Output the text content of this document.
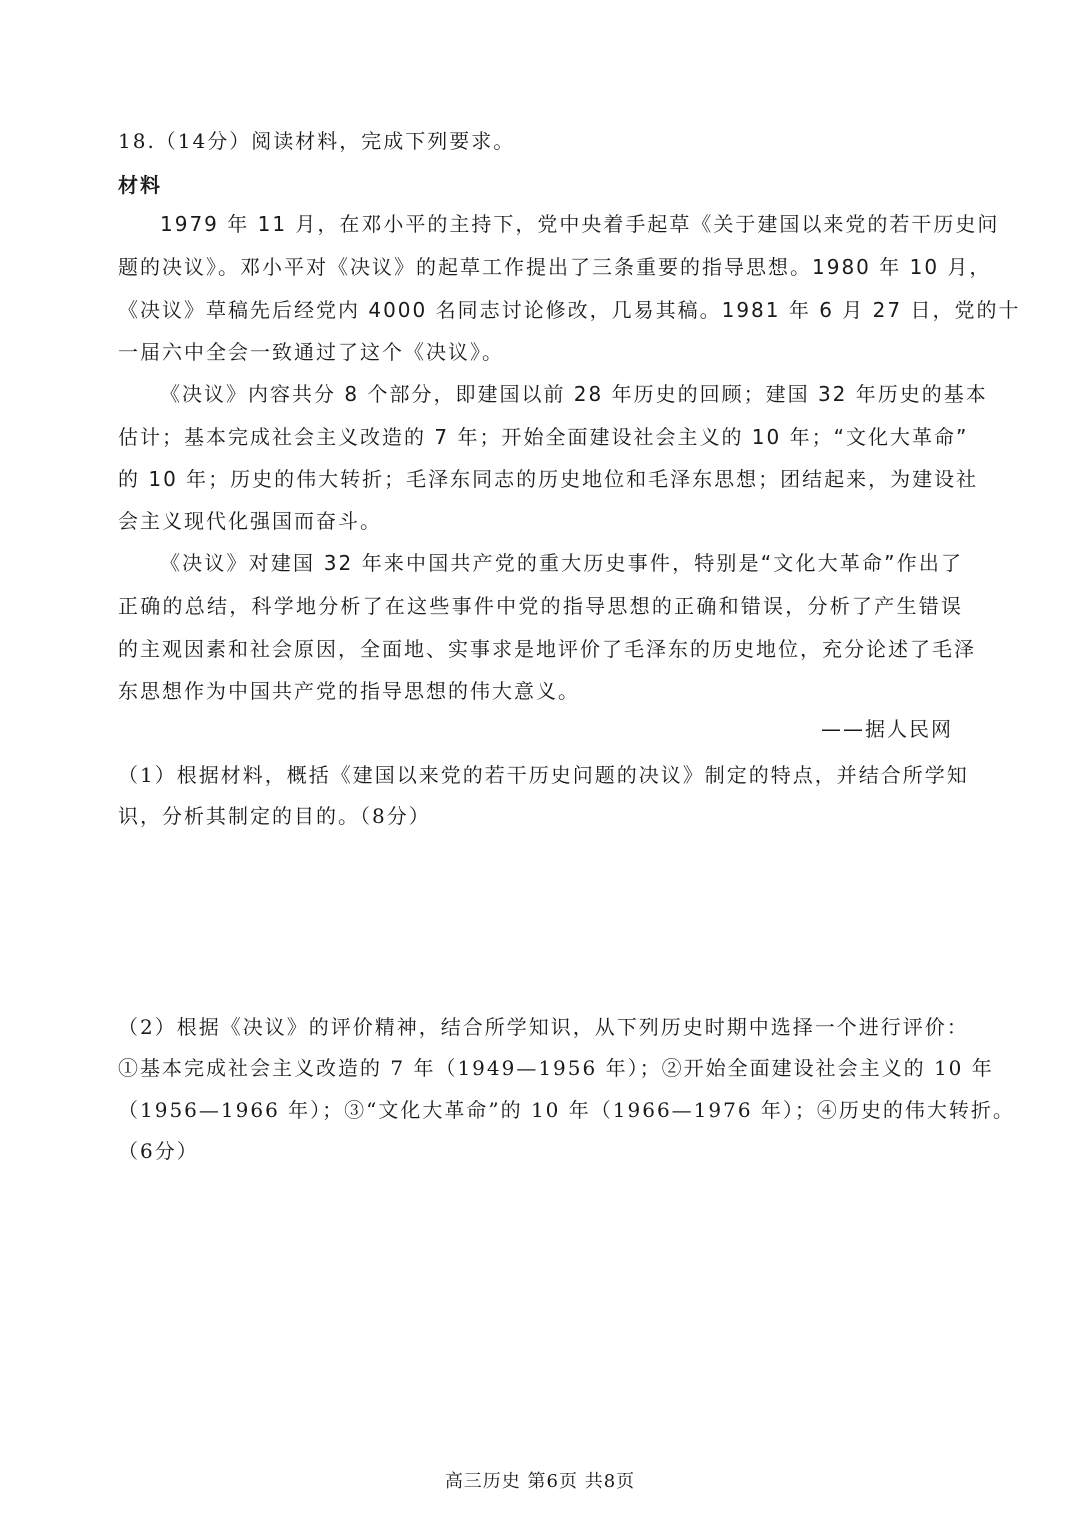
18.（14分）阅读材料，完成下列要求。
材料
1979 年 11 月，在邓小平的主持下，党中央着手起草《关于建国以来党的若干历史问
题的决议》。邓小平对《决议》的起草工作提出了三条重要的指导思想。1980 年 10 月，
《决议》草稿先后经党内 4000 名同志讨论修改，几易其稿。1981 年 6 月 27 日，党的十
一届六中全会一致通过了这个《决议》。
《决议》内容共分 8 个部分，即建国以前 28 年历史的回顾；建国 32 年历史的基本
估计；基本完成社会主义改造的 7 年；开始全面建设社会主义的 10 年；“文化大革命”
的 10 年；历史的伟大转折；毛泽东同志的历史地位和毛泽东思想；团结起来，为建设社
会主义现代化强国而奋斗。
《决议》对建国 32 年来中国共产党的重大历史事件，特别是“文化大革命”作出了
正确的总结，科学地分析了在这些事件中党的指导思想的正确和错误，分析了产生错误
的主观因素和社会原因，全面地、实事求是地评价了毛泽东的历史地位，充分论述了毛泽
东思想作为中国共产党的指导思想的伟大意义。
——据人民网
（1）根据材料，概括《建国以来党的若干历史问题的决议》制定的特点，并结合所学知
识，分析其制定的目的。（8分）
（2）根据《决议》的评价精神，结合所学知识，从下列历史时期中选择一个进行评价：
①基本完成社会主义改造的 7 年（1949—1956 年）；②开始全面建设社会主义的 10 年
（1956—1966 年）；③“文化大革命”的 10 年（1966—1976 年）；④历史的伟大转折。
（6分）
高三历史 第6页 共8页
